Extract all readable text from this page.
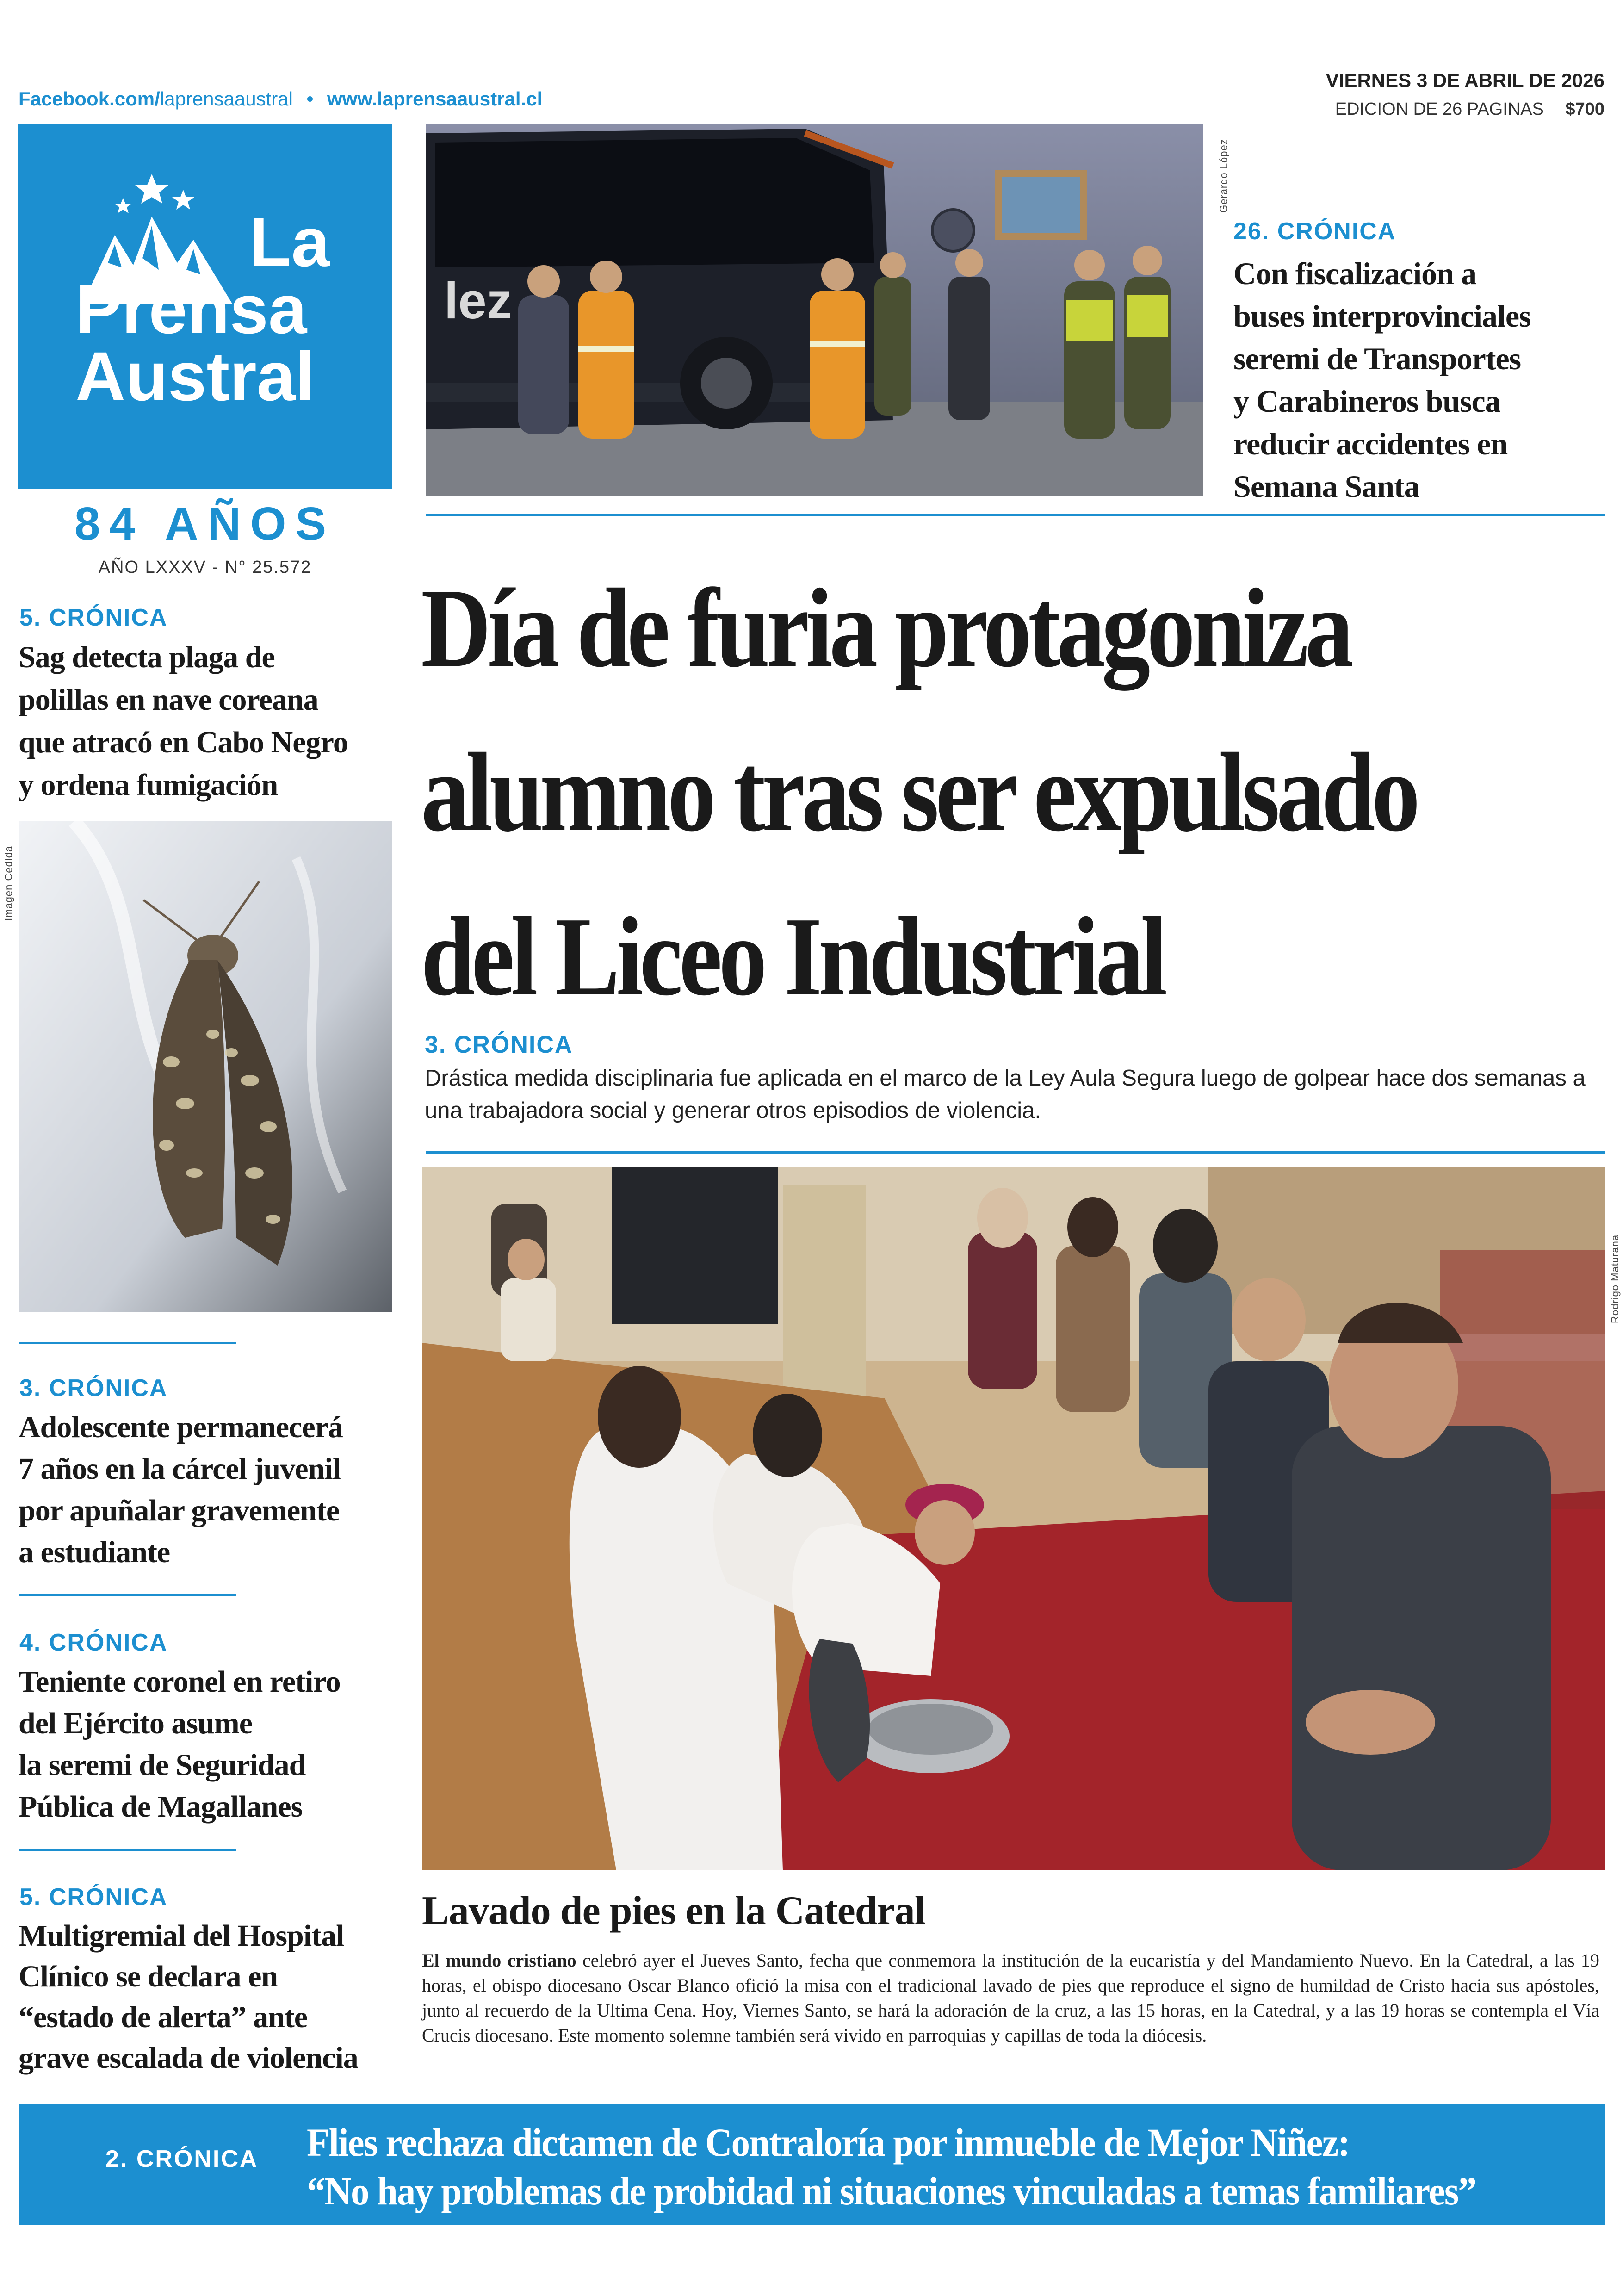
Facebook.com/laprensaaustral • www.laprensaaustral.cl
VIERNES 3 DE ABRIL DE 2026
EDICION DE 26 PAGINAS $700
La
Prensa
Austral
84 AÑOS
AÑO LXXXV - N° 25.572
lez
Gerardo López
26. CRÓNICA
Con fiscalización a
buses interprovinciales
seremi de Transportes
y Carabineros busca
reducir accidentes en
Semana Santa
Día de furia protagoniza
alumno tras ser expulsado
del Liceo Industrial
3. CRÓNICA
Drástica medida disciplinaria fue aplicada en el marco de la Ley Aula Segura luego de golpear hace dos semanas a una trabajadora social y generar otros episodios de violencia.
5. CRÓNICA
Sag detecta plaga de
polillas en nave coreana
que atracó en Cabo Negro
y ordena fumigación
Imagen Cedida
3. CRÓNICA
Adolescente permanecerá
7 años en la cárcel juvenil
por apuñalar gravemente
a estudiante
4. CRÓNICA
Teniente coronel en retiro
del Ejército asume
la seremi de Seguridad
Pública de Magallanes
5. CRÓNICA
Multigremial del Hospital
Clínico se declara en
“estado de alerta” ante
grave escalada de violencia
Rodrigo Maturana
Lavado de pies en la Catedral
El mundo cristiano celebró ayer el Jueves Santo, fecha que conmemora la institución de la eucaristía y del Mandamiento Nuevo. En la Catedral, a las 19 horas, el obispo diocesano Oscar Blanco ofició la misa con el tradicional lavado de pies que reproduce el signo de humildad de Cristo hacia sus apóstoles, junto al recuerdo de la Ultima Cena. Hoy, Viernes Santo, se hará la adoración de la cruz, a las 15 horas, en la Catedral, y a las 19 horas se contempla el Vía Crucis diocesano. Este momento solemne también será vivido en parroquias y capillas de toda la diócesis.
2. CRÓNICA Flies rechaza dictamen de Contraloría por inmueble de Mejor Niñez:
“No hay problemas de probidad ni situaciones vinculadas a temas familiares”
